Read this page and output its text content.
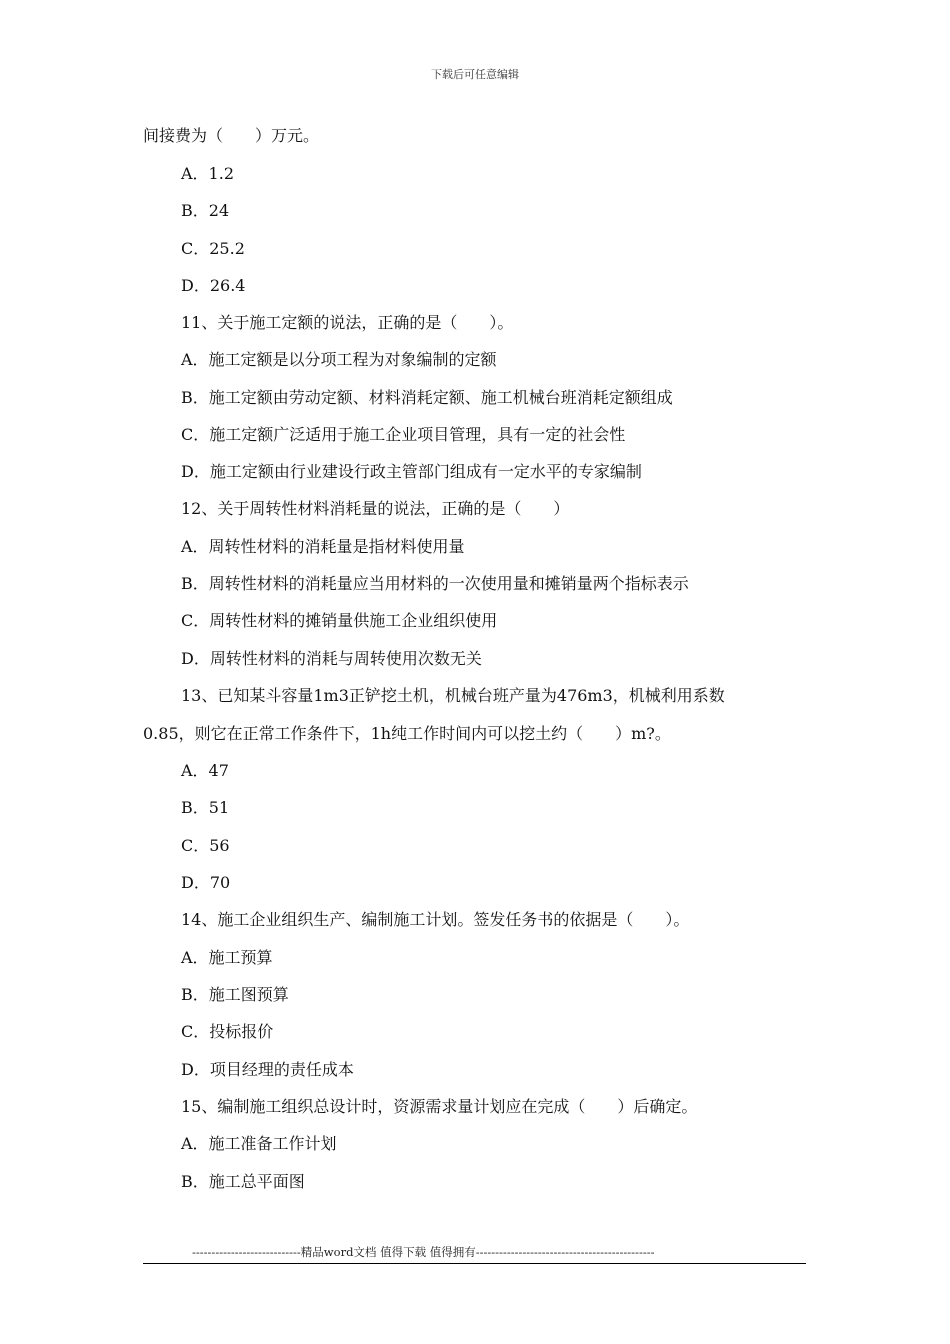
下载后可任意编辑
间接费为（　　）万元。
A．1.2
B．24
C．25.2
D．26.4
11、关于施工定额的说法，正确的是（　　）。
A．施工定额是以分项工程为对象编制的定额
B．施工定额由劳动定额、材料消耗定额、施工机械台班消耗定额组成
C．施工定额广泛适用于施工企业项目管理，具有一定的社会性
D．施工定额由行业建设行政主管部门组成有一定水平的专家编制
12、关于周转性材料消耗量的说法，正确的是（　　）
A．周转性材料的消耗量是指材料使用量
B．周转性材料的消耗量应当用材料的一次使用量和摊销量两个指标表示
C．周转性材料的摊销量供施工企业组织使用
D．周转性材料的消耗与周转使用次数无关
13、已知某斗容量1m3正铲挖土机，机械台班产量为476m3，机械利用系数
0.85，则它在正常工作条件下，1h纯工作时间内可以挖土约（　　）m?。
A．47
B．51
C．56
D．70
14、施工企业组织生产、编制施工计划。签发任务书的依据是（　　）。
A．施工预算
B．施工图预算
C．投标报价
D．项目经理的责任成本
15、编制施工组织总设计时，资源需求量计划应在完成（　　）后确定。
A．施工准备工作计划
B．施工总平面图
----------------------------精品word文档 值得下载 值得拥有----------------------------------------------
